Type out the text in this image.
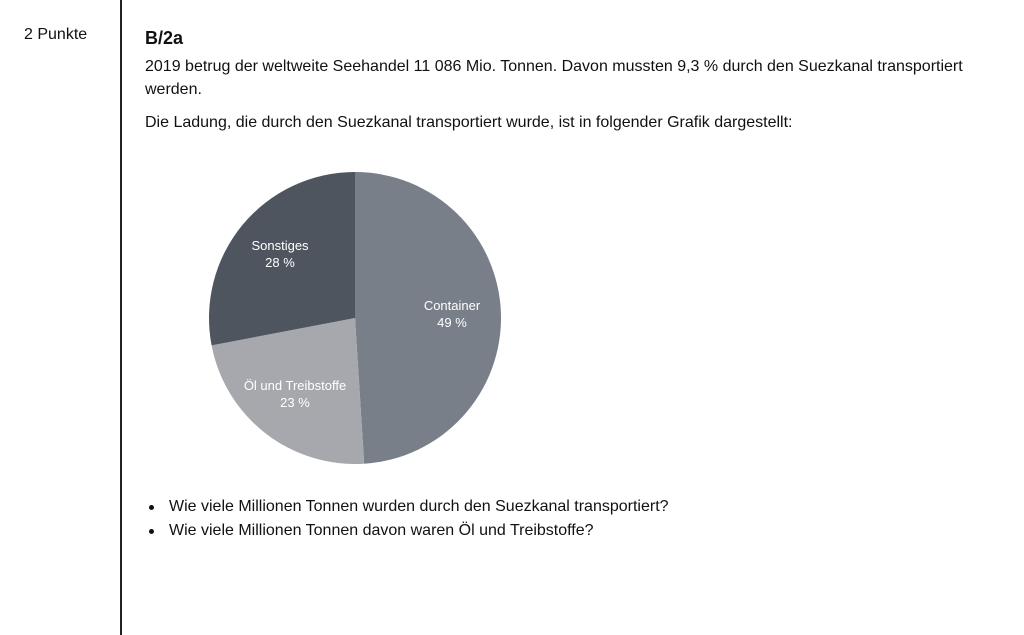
2 Punkte	B/2a

2019 betrug der weltweite Seehandel 11 086 Mio. Tonnen. Davon mussten 9,3 % durch den Suezkanal transportiert werden.

Die Ladung, die durch den Suezkanal transportiert wurde, ist in folgender Grafik dargestellt:

Container
49 %
Öl und Treibstoffe
23 %
Sonstiges
28 %
Wie viele Millionen Tonnen wurden durch den Suezkanal transportiert?
Wie viele Millionen Tonnen davon waren Öl und Treibstoffe?
